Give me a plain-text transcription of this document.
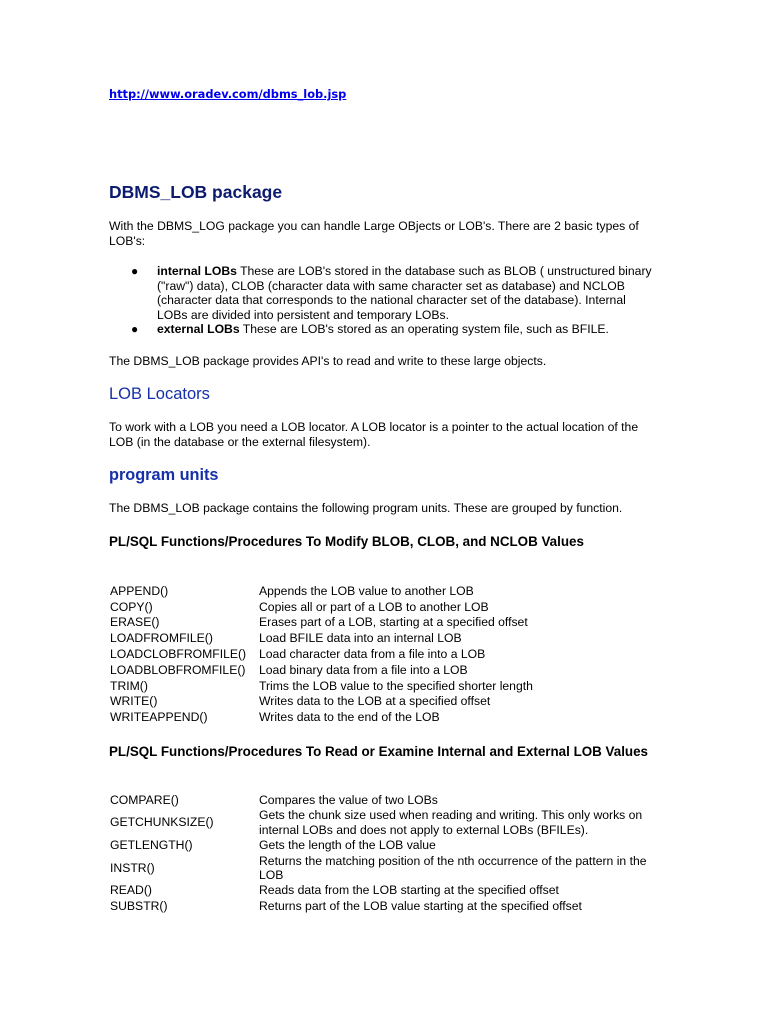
http://www.oradev.com/dbms_lob.jsp
DBMS_LOB package

With the DBMS_LOG package you can handle Large OBjects or LOB's. There are 2 basic types of LOB's:

● internal LOBs These are LOB's stored in the database such as BLOB ( unstructured binary ("raw") data), CLOB (character data with same character set as database) and NCLOB (character data that corresponds to the national character set of the database). Internal LOBs are divided into persistent and temporary LOBs.
● external LOBs These are LOB's stored as an operating system file, such as BFILE.

The DBMS_LOB package provides API's to read and write to these large objects.

LOB Locators

To work with a LOB you need a LOB locator. A LOB locator is a pointer to the actual location of the LOB (in the database or the external filesystem).

program units

The DBMS_LOB package contains the following program units. These are grouped by function.

PL/SQL Functions/Procedures To Modify BLOB, CLOB, and NCLOB Values
APPEND()	Appends the LOB value to another LOB
COPY()	Copies all or part of a LOB to another LOB
ERASE()	Erases part of a LOB, starting at a specified offset
LOADFROMFILE()	Load BFILE data into an internal LOB
LOADCLOBFROMFILE()	Load character data from a file into a LOB
LOADBLOBFROMFILE()	Load binary data from a file into a LOB
TRIM()	Trims the LOB value to the specified shorter length
WRITE()	Writes data to the LOB at a specified offset
WRITEAPPEND()	Writes data to the end of the LOB
PL/SQL Functions/Procedures To Read or Examine Internal and External LOB Values
COMPARE()	Compares the value of two LOBs
GETCHUNKSIZE()	Gets the chunk size used when reading and writing. This only works on internal LOBs and does not apply to external LOBs (BFILEs).
GETLENGTH()	Gets the length of the LOB value
INSTR()	Returns the matching position of the nth occurrence of the pattern in the LOB
READ()	Reads data from the LOB starting at the specified offset
SUBSTR()	Returns part of the LOB value starting at the specified offset
